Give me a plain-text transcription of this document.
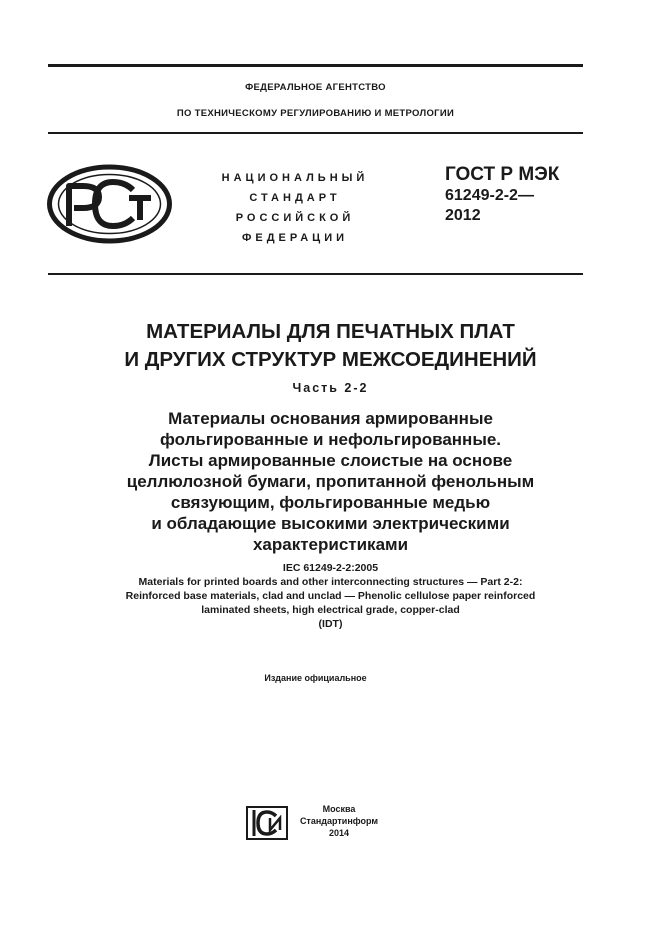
ФЕДЕРАЛЬНОЕ АГЕНТСТВО
ПО ТЕХНИЧЕСКОМУ РЕГУЛИРОВАНИЮ И МЕТРОЛОГИИ
НАЦИОНАЛЬНЫЙ
СТАНДАРТ
РОССИЙСКОЙ
ФЕДЕРАЦИИ
ГОСТ Р МЭК
61249-2-2—
2012
МАТЕРИАЛЫ ДЛЯ ПЕЧАТНЫХ ПЛАТ
И ДРУГИХ СТРУКТУР МЕЖСОЕДИНЕНИЙ
Часть 2-2
Материалы основания армированные
фольгированные и нефольгированные.
Листы армированные слоистые на основе
целлюлозной бумаги, пропитанной фенольным
связующим, фольгированные медью
и обладающие высокими электрическими
характеристиками
IEC 61249-2-2:2005
Materials for printed boards and other interconnecting structures — Part 2-2:
Reinforced base materials, clad and unclad — Phenolic cellulose paper reinforced
laminated sheets, high electrical grade, copper-clad
(IDT)
Издание официальное
Москва
Стандартинформ
2014
